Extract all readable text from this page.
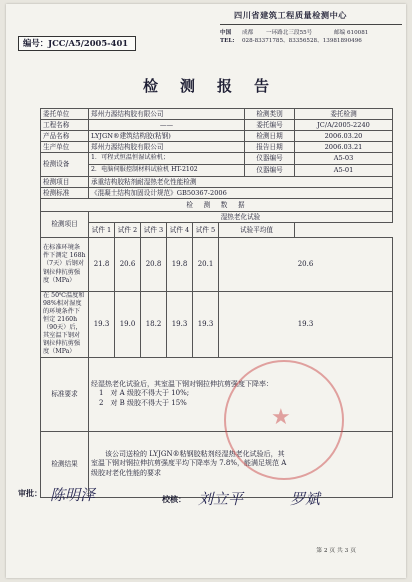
编号：JCC/A5/2005-401
四川省建筑工程质量检测中心
中国	成都	一环路北三段55号	邮编 610081
TEL:	028-83371785、83356528、13981890496
检测报告
委托单位	郑州力源结构胶有限公司						检测类别	委托检测
工程名称	——						委托编号	JC/A/2005-2240
产品名称	LYJGN®建筑结构胶(粘钢)						检测日期	2006.03.20
生产单位	郑州力源结构胶有限公司						报告日期	2006.03.21
检测设备	1．可程式恒温恒湿试验机；						仪器编号	A5-03
	2．电脑伺服控制材料试验机 HT-2102						仪器编号	A5-01
检测项目	承重结构胶粘剂耐湿热老化性能检测							
检测标准	《混凝土结构加固设计规范》GB50367-2006							
检　测　数　据								
检测项目	湿热老化试验							
	试件 1	试件 2	试件 3	试件 4	试件 5	试验平均值	
在标准环境条件下测定 168h（7天）后钢对钢拉伸抗剪强度（MPa）	21.8	20.6	20.8	19.8	20.1	20.6		
在 50℃温度和 98%相对湿度的环境条件下恒定 2160h（90天）后，其室温下钢对钢拉伸抗剪强度（MPa）	19.3	19.0	18.2	19.3	19.3	19.3		
标准要求	经湿热老化试验后，其室温下钢对钢拉伸抗剪强度下降率：
1　对 A 级胶不得大于 10%;
2　对 B 级胶不得大于 15%							

检测结果	该公司送检的 LYJGN®粘钢胶粘剂经湿热老化试验后，其
室温下钢对钢拉伸抗剪强度平均下降率为 7.8%，能满足规范 A
级胶对老化性能的要求							
★
审批： 陈明泽	校核： 刘立平	罗斌
第 2 页 共 3 页
